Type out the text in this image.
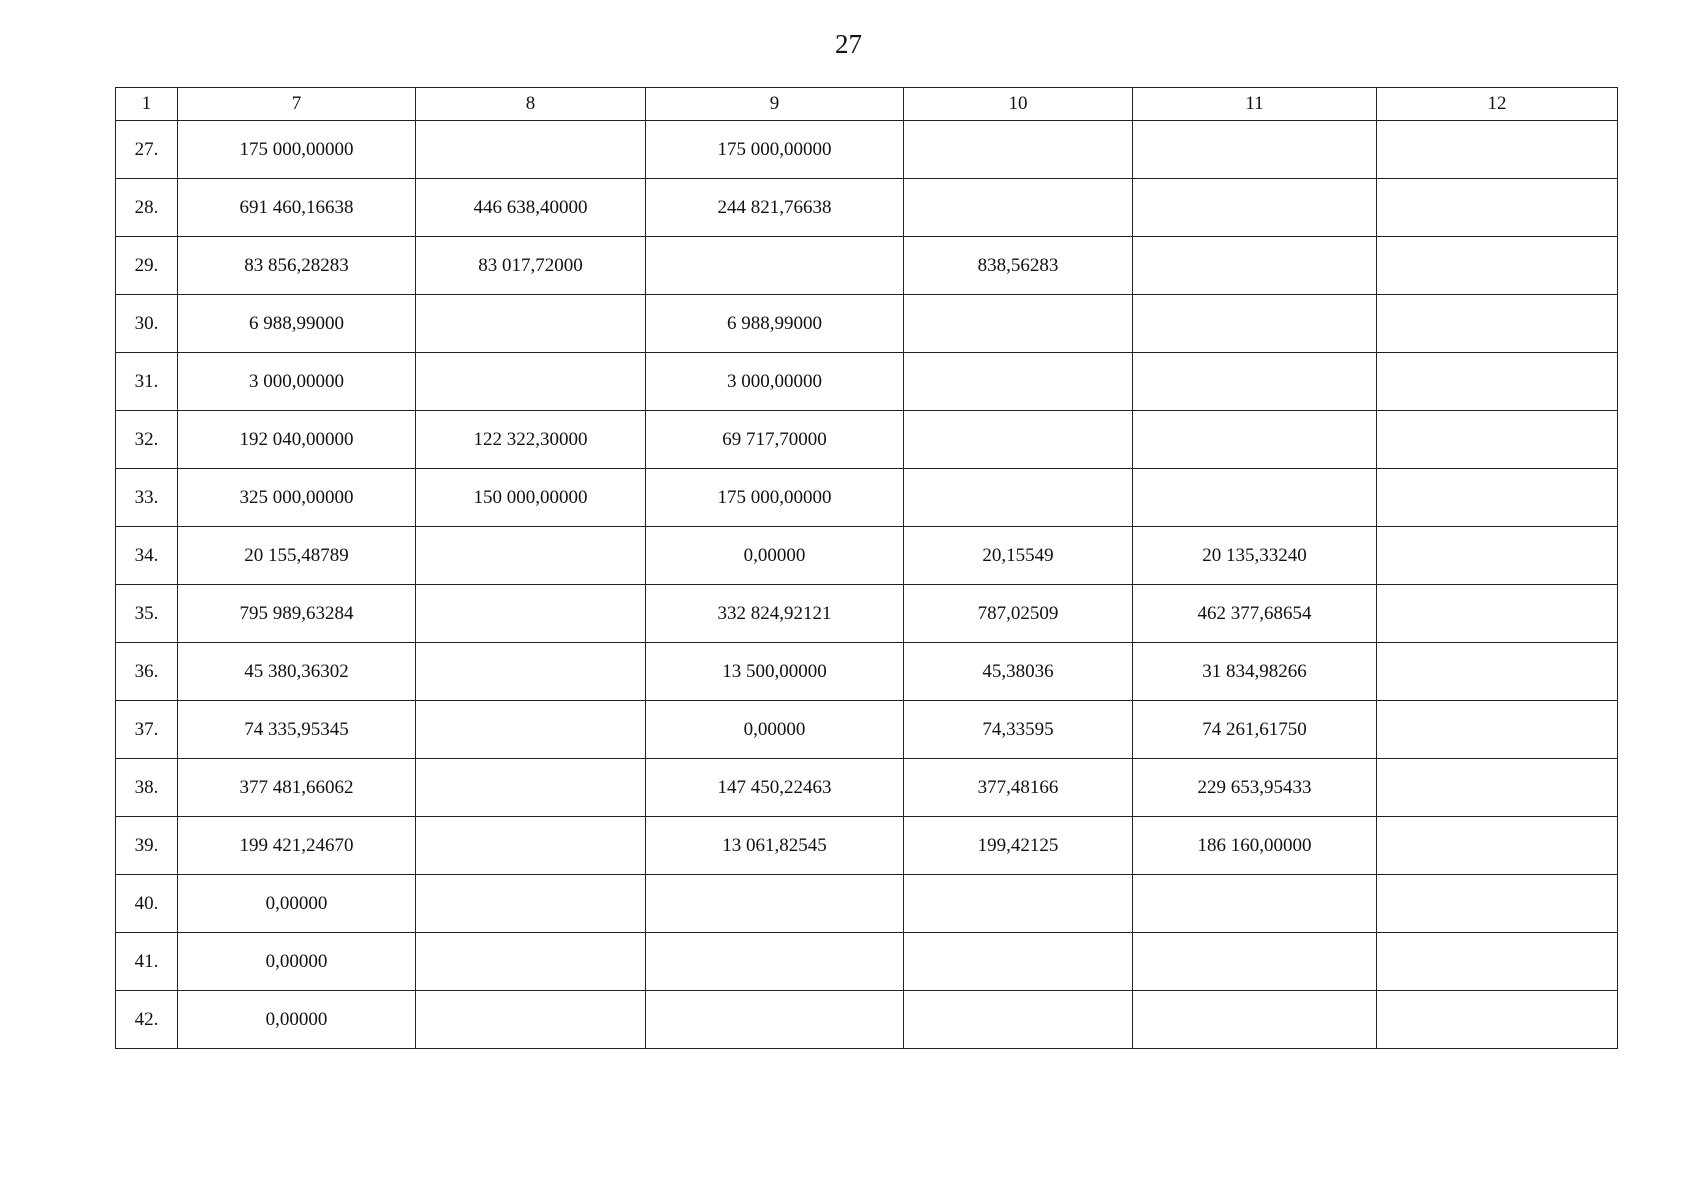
27
1	7	8	9	10	11	12
27.	175 000,00000		175 000,00000			
28.	691 460,16638	446 638,40000	244 821,76638			
29.	83 856,28283	83 017,72000		838,56283		
30.	6 988,99000		6 988,99000			
31.	3 000,00000		3 000,00000			
32.	192 040,00000	122 322,30000	69 717,70000			
33.	325 000,00000	150 000,00000	175 000,00000			
34.	20 155,48789		0,00000	20,15549	20 135,33240	
35.	795 989,63284		332 824,92121	787,02509	462 377,68654	
36.	45 380,36302		13 500,00000	45,38036	31 834,98266	
37.	74 335,95345		0,00000	74,33595	74 261,61750	
38.	377 481,66062		147 450,22463	377,48166	229 653,95433	
39.	199 421,24670		13 061,82545	199,42125	186 160,00000	
40.	0,00000					
41.	0,00000					
42.	0,00000					
